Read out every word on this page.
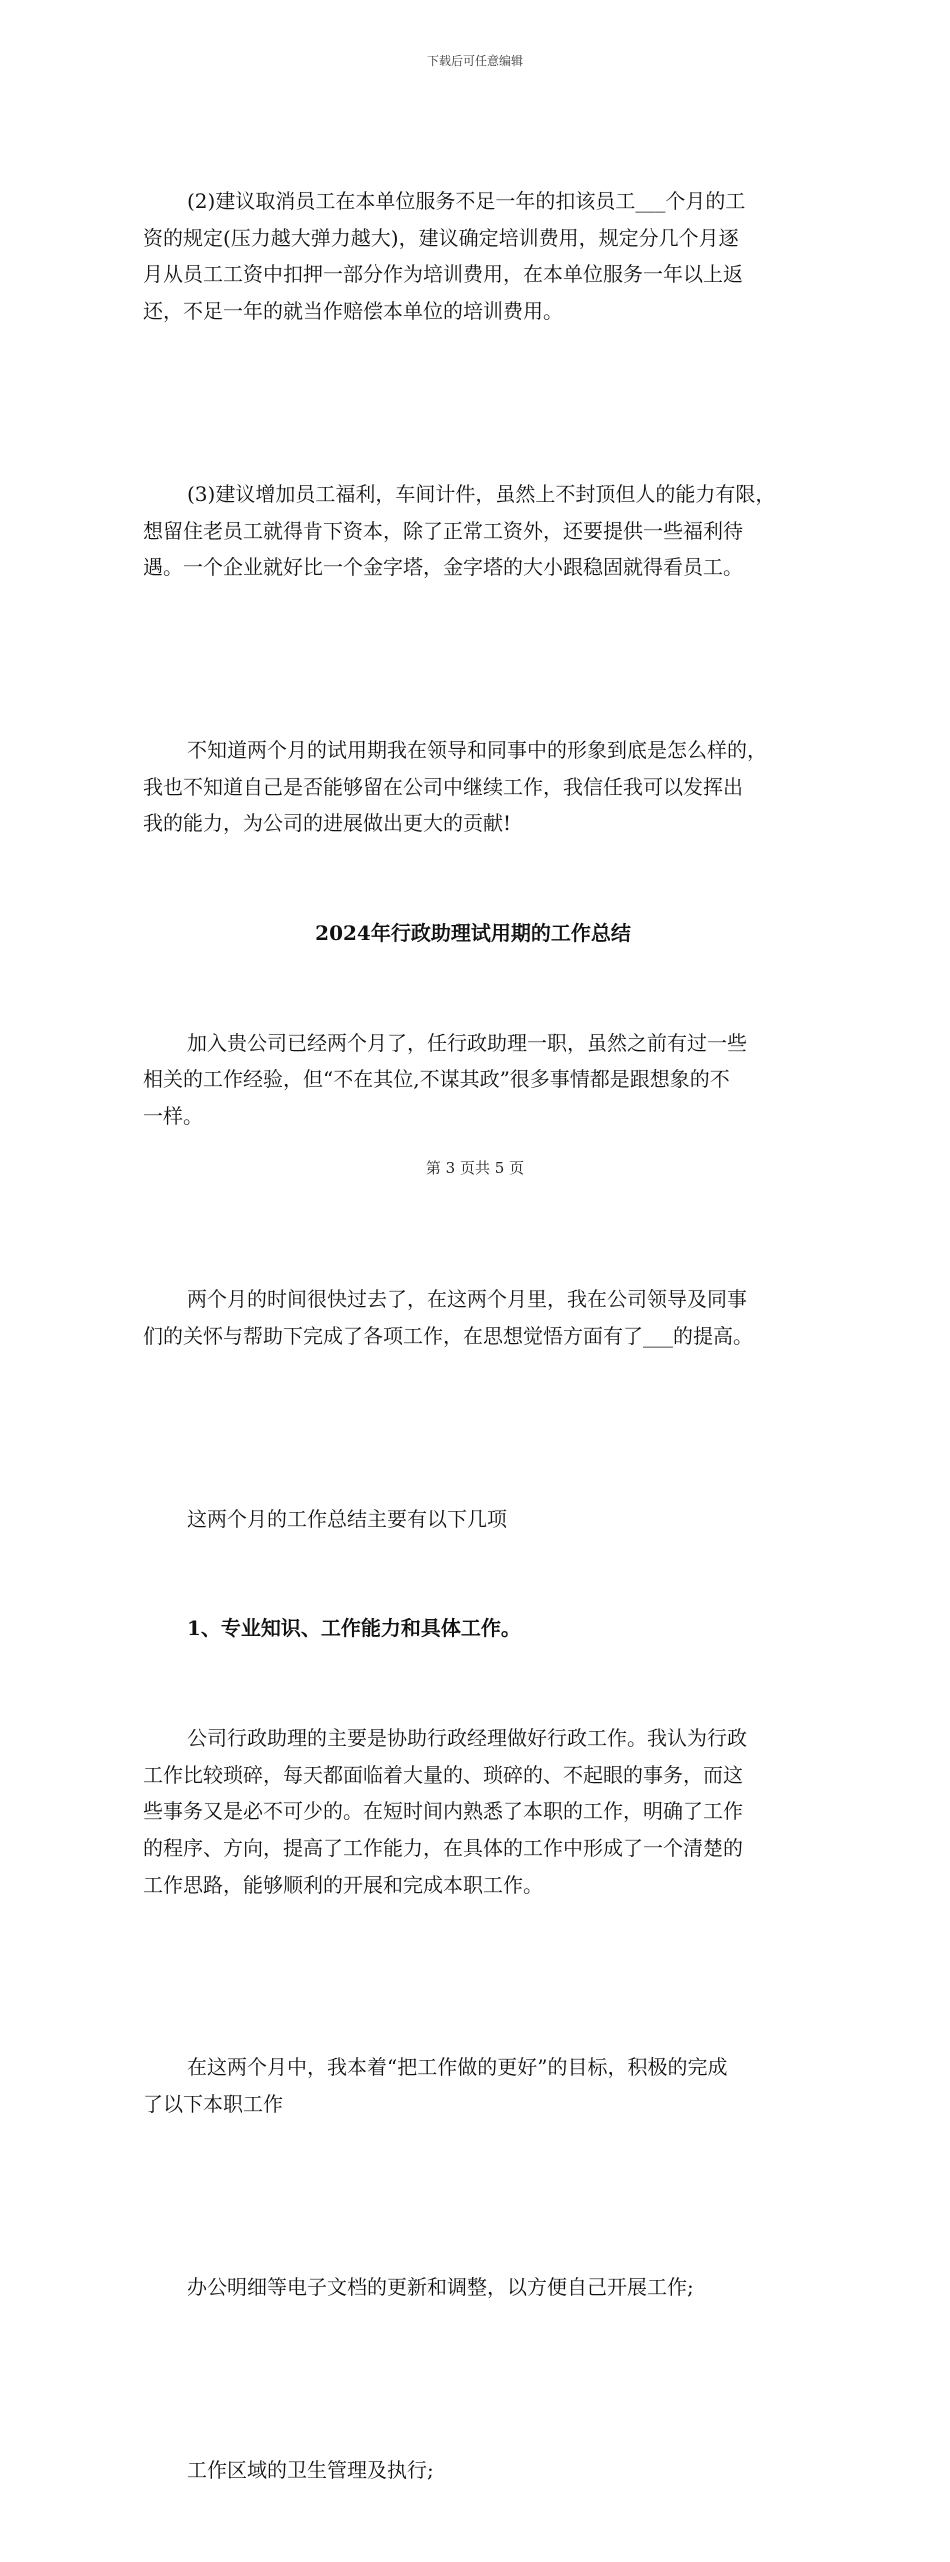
下载后可任意编辑

(2)建议取消员工在本单位服务不足一年的扣该员工___个月的工
资的规定(压力越大弹力越大)，建议确定培训费用，规定分几个月逐
月从员工工资中扣押一部分作为培训费用，在本单位服务一年以上返
还，不足一年的就当作赔偿本单位的培训费用。

(3)建议增加员工福利，车间计件，虽然上不封顶但人的能力有限，
想留住老员工就得肯下资本，除了正常工资外，还要提供一些福利待
遇。一个企业就好比一个金字塔，金字塔的大小跟稳固就得看员工。

不知道两个月的试用期我在领导和同事中的形象到底是怎么样的，
我也不知道自己是否能够留在公司中继续工作，我信任我可以发挥出
我的能力，为公司的进展做出更大的贡献!

2024年行政助理试用期的工作总结

加入贵公司已经两个月了，任行政助理一职，虽然之前有过一些
相关的工作经验，但“不在其位,不谋其政”很多事情都是跟想象的不
一样。

两个月的时间很快过去了，在这两个月里，我在公司领导及同事
们的关怀与帮助下完成了各项工作，在思想觉悟方面有了___的提高。

这两个月的工作总结主要有以下几项

1、专业知识、工作能力和具体工作。

公司行政助理的主要是协助行政经理做好行政工作。我认为行政
工作比较琐碎，每天都面临着大量的、琐碎的、不起眼的事务，而这
些事务又是必不可少的。在短时间内熟悉了本职的工作，明确了工作
的程序、方向，提高了工作能力，在具体的工作中形成了一个清楚的
工作思路，能够顺利的开展和完成本职工作。

在这两个月中，我本着“把工作做的更好”的目标，积极的完成
了以下本职工作

办公明细等电子文档的更新和调整，以方便自己开展工作;

工作区域的卫生管理及执行;

第 3 页共 5 页
